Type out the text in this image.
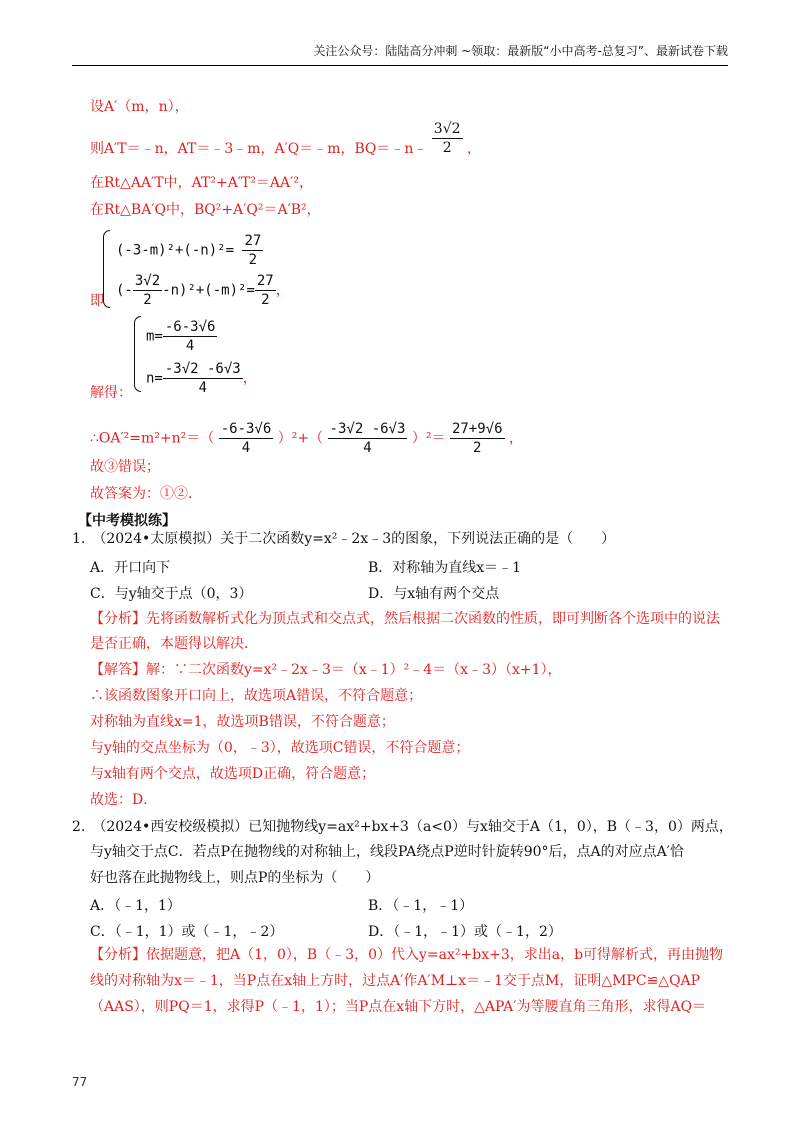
关注公众号：陆陆高分冲刺 ~领取：最新版“小中高考-总复习”、最新试卷下载
设A′（m，n），
则A′T＝﹣n，AT＝﹣3﹣m，A′Q＝﹣m，BQ＝﹣n﹣ $\frac{3√2}{2}$ ，
在Rt△AA′T中，AT²+A′T²＝AA′²，
在Rt△BA′Q中，BQ²+A′Q²＝A′B²，
$(-3-m)^2+(-n)^2= \frac{27}{2}$
(- $\frac{3√2}{2} -n)^2+(-m)^2= \frac{27}{2}$ ，
即
$m= \frac{-6-3√6}{4}$
$n= \frac{-3√2 -6√3}{4}$ ，
解得：
∴OA′²=m²+n²＝（ $\frac{-6-3√6}{4} )^2+( \frac{-3√2 -6√3}{4} )^2= \frac{27+9√6}{2}$ ，
故③错误；
故答案为：①②．
【中考模拟练】
1.　（2024•太原模拟）关于二次函数y=x²﹣2x﹣3的图象，下列说法正确的是（　　）
A．开口向下	B．对称轴为直线x＝﹣1
C．与y轴交于点（0，3）	D．与x轴有两个交点
【分析】先将函数解析式化为顶点式和交点式，然后根据二次函数的性质，即可判断各个选项中的说法
是否正确，本题得以解决．
【解答】解：∵二次函数y=x²﹣2x﹣3＝（x﹣1）²﹣4＝（x﹣3）（x+1），
∴该函数图象开口向上，故选项A错误，不符合题意；
对称轴为直线x=1，故选项B错误，不符合题意；
与y轴的交点坐标为（0，﹣3），故选项C错误，不符合题意；
与x轴有两个交点，故选项D正确，符合题意；
故选：D．
2.　（2024•西安校级模拟）已知抛物线y=ax²+bx+3（a<0）与x轴交于A（1，0），B（﹣3，0）两点，
与y轴交于点C．若点P在抛物线的对称轴上，线段PA绕点P逆时针旋转90°后，点A的对应点A′恰
好也落在此抛物线上，则点P的坐标为（　　）
A．（﹣1，1）	B．（﹣1，﹣1）
C．（﹣1，1）或（﹣1，﹣2）	D．（﹣1，﹣1）或（﹣1，2）
【分析】依据题意，把A（1，0），B（﹣3，0）代入y=ax²+bx+3，求出a，b可得解析式，再由抛物
线的对称轴为x＝﹣1，当P点在x轴上方时，过点A′作A′M⊥x＝﹣1交于点M，证明△MPC≌△QAP
（AAS），则PQ＝1，求得P（﹣1，1）；当P点在x轴下方时，△APA′为等腰直角三角形，求得AQ＝
77
